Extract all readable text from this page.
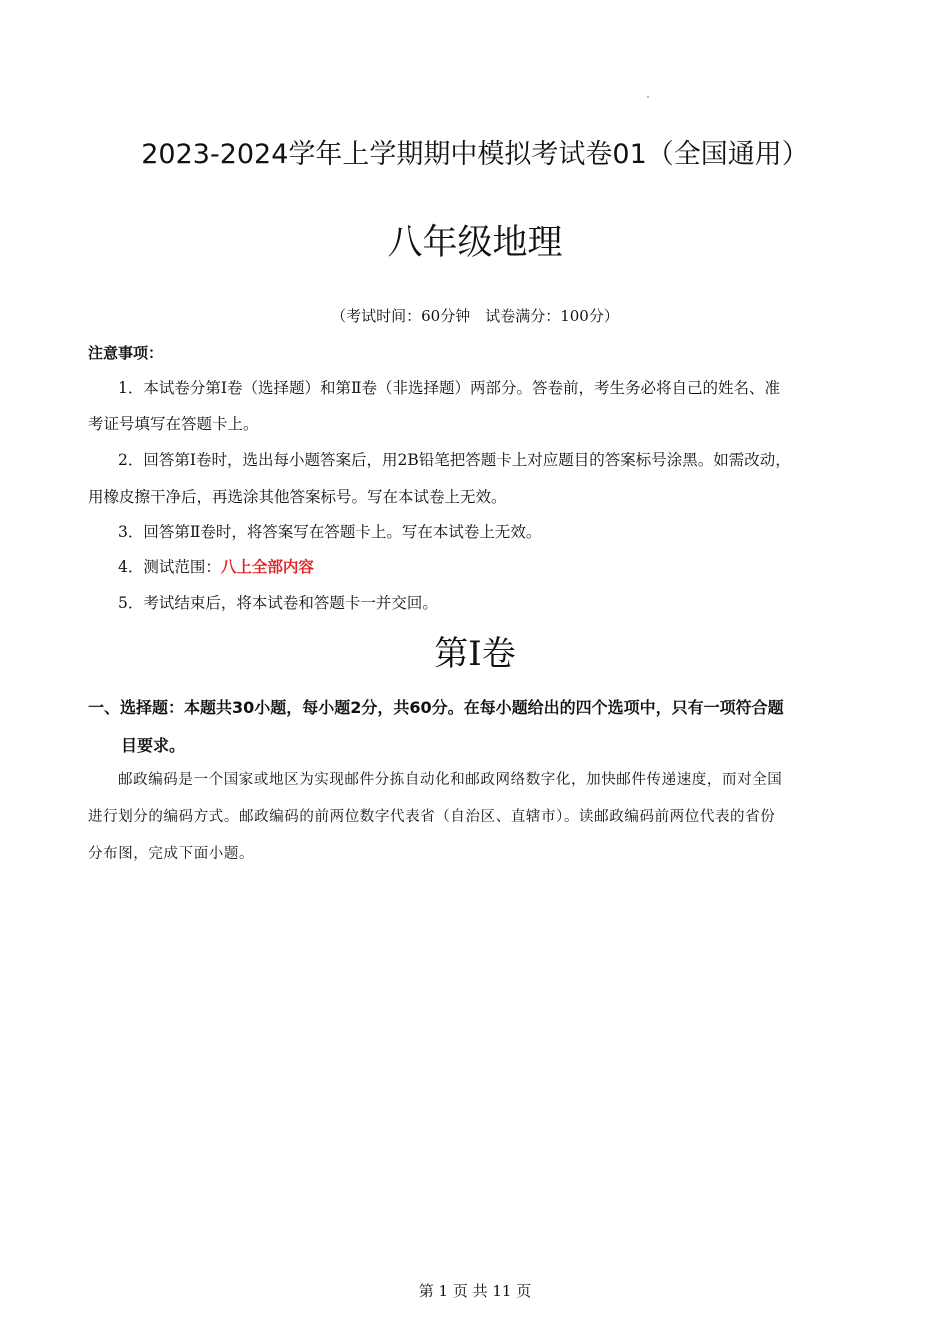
2023-2024学年上学期期中模拟考试卷01（全国通用）
八年级地理
（考试时间：60分钟　试卷满分：100分）
注意事项：
1．本试卷分第Ⅰ卷（选择题）和第Ⅱ卷（非选择题）两部分。答卷前，考生务必将自己的姓名、准
考证号填写在答题卡上。
2．回答第Ⅰ卷时，选出每小题答案后，用2B铅笔把答题卡上对应题目的答案标号涂黑。如需改动，
用橡皮擦干净后，再选涂其他答案标号。写在本试卷上无效。
3．回答第Ⅱ卷时，将答案写在答题卡上。写在本试卷上无效。
4．测试范围：八上全部内容
5．考试结束后，将本试卷和答题卡一并交回。
第Ⅰ卷
一、选择题：本题共30小题，每小题2分，共60分。在每小题给出的四个选项中，只有一项符合题
目要求。
邮政编码是一个国家或地区为实现邮件分拣自动化和邮政网络数字化，加快邮件传递速度，而对全国
进行划分的编码方式。邮政编码的前两位数字代表省（自治区、直辖市）。读邮政编码前两位代表的省份
分布图，完成下面小题。
第 1 页 共 11 页
